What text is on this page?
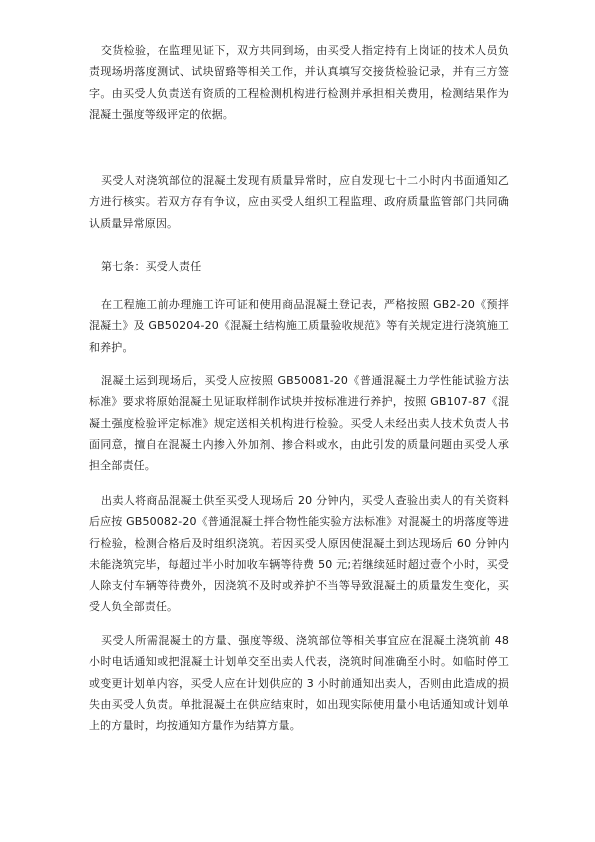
交货检验，在监理见证下，双方共同到场，由买受人指定持有上岗证的技术人员负责现场坍落度测试、试块留臵等相关工作，并认真填写交接货检验记录，并有三方签字。由买受人负责送有资质的工程检测机构进行检测并承担相关费用，检测结果作为混凝土强度等级评定的依据。

买受人对浇筑部位的混凝土发现有质量异常时，应自发现七十二小时内书面通知乙方进行核实。若双方存有争议，应由买受人组织工程监理、政府质量监管部门共同确认质量异常原因。

第七条：买受人责任

在工程施工前办理施工许可证和使用商品混凝土登记表，严格按照 GB2-20《预拌混凝土》及 GB50204-20《混凝土结构施工质量验收规范》等有关规定进行浇筑施工和养护。

混凝土运到现场后，买受人应按照 GB50081-20《普通混凝土力学性能试验方法标准》要求将原始混凝土见证取样制作试块并按标准进行养护，按照 GB107-87《混凝土强度检验评定标准》规定送相关机构进行检验。买受人未经出卖人技术负责人书面同意，擅自在混凝土内掺入外加剂、掺合料或水，由此引发的质量问题由买受人承担全部责任。

出卖人将商品混凝土供至买受人现场后 20 分钟内，买受人查验出卖人的有关资料后应按 GB50082-20《普通混凝土拌合物性能实验方法标准》对混凝土的坍落度等进行检验，检测合格后及时组织浇筑。若因买受人原因使混凝土到达现场后 60 分钟内未能浇筑完毕，每超过半小时加收车辆等待费 50 元;若继续延时超过壹个小时，买受人除支付车辆等待费外，因浇筑不及时或养护不当等导致混凝土的质量发生变化，买受人负全部责任。

买受人所需混凝土的方量、强度等级、浇筑部位等相关事宜应在混凝土浇筑前 48 小时电话通知或把混凝土计划单交至出卖人代表，浇筑时间准确至小时。如临时停工或变更计划单内容，买受人应在计划供应的 3 小时前通知出卖人，否则由此造成的损失由买受人负责。单批混凝土在供应结束时，如出现实际使用量小电话通知或计划单上的方量时，均按通知方量作为结算方量。
